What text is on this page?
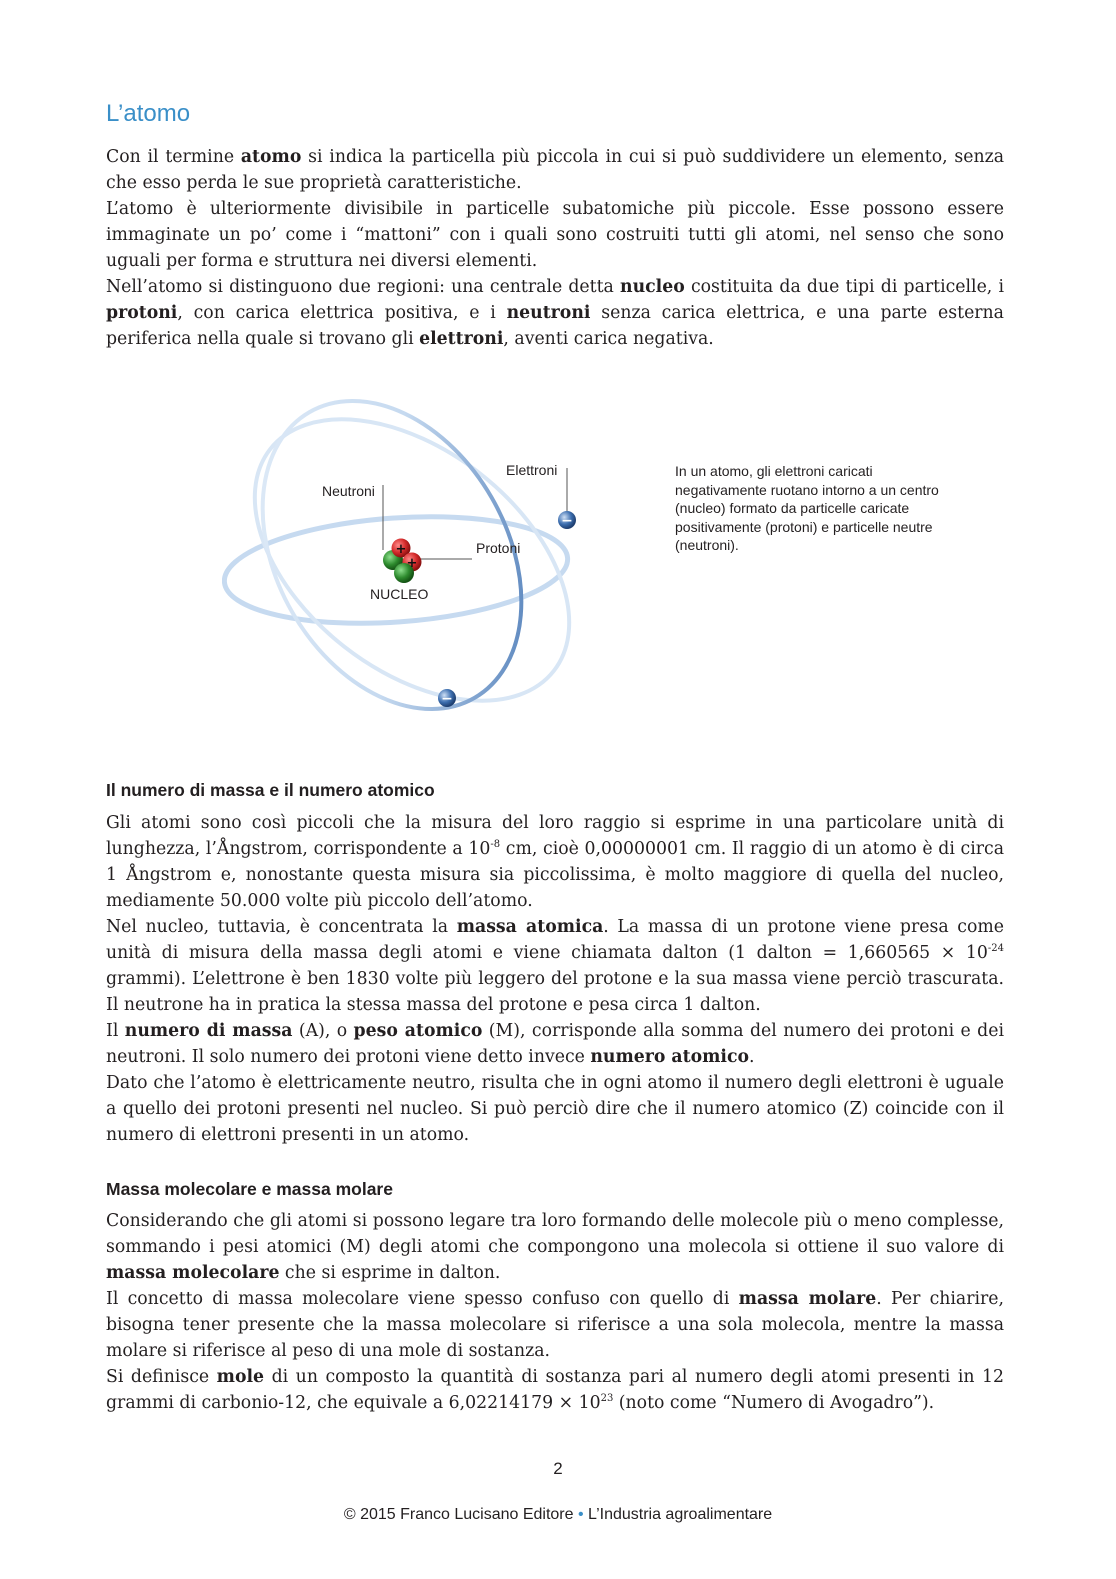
L’atomo

Con il termine atomo si indica la particella più piccola in cui si può suddividere un elemento, senza che esso perda le sue proprietà caratteristiche.

L’atomo è ulteriormente divisibile in particelle subatomiche più piccole. Esse possono essere immaginate un po’ come i “mattoni” con i quali sono costruiti tutti gli atomi, nel senso che sono uguali per forma e struttura nei diversi elementi.

Nell’atomo si distinguono due regioni: una centrale detta nucleo costituita da due tipi di particelle, i protoni, con carica elettrica positiva, e i neutroni senza carica elettrica, e una parte esterna periferica nella quale si trovano gli elettroni, aventi carica negativa.

+
+
−
−
Elettroni
Neutroni
Protoni
NUCLEO
In un atomo, gli elettroni caricati negativamente ruotano intorno a un centro (nucleo) formato da particelle caricate positivamente (protoni) e particelle neutre (neutroni).
Il numero di massa e il numero atomico

Gli atomi sono così piccoli che la misura del loro raggio si esprime in una particolare unità di lunghezza, l’Ångstrom, corrispondente a $10^{-8}$ cm, cioè 0,00000001 cm. Il raggio di un atomo è di circa 1 Ångstrom e, nonostante questa misura sia piccolissima, è molto maggiore di quella del nucleo, mediamente 50.000 volte più piccolo dell’atomo.

Nel nucleo, tuttavia, è concentrata la massa atomica. La massa di un protone viene presa come unità di misura della massa degli atomi e viene chiamata dalton (1 dalton = $1,660565 \times 10^{-24}$ grammi). L’elettrone è ben 1830 volte più leggero del protone e la sua massa viene perciò trascurata. Il neutrone ha in pratica la stessa massa del protone e pesa circa 1 dalton.

Il numero di massa (A), o peso atomico (M), corrisponde alla somma del numero dei protoni e dei neutroni. Il solo numero dei protoni viene detto invece numero atomico.

Dato che l’atomo è elettricamente neutro, risulta che in ogni atomo il numero degli elettroni è uguale a quello dei protoni presenti nel nucleo. Si può perciò dire che il numero atomico (Z) coincide con il numero di elettroni presenti in un atomo.

Massa molecolare e massa molare

Considerando che gli atomi si possono legare tra loro formando delle molecole più o meno complesse, sommando i pesi atomici (M) degli atomi che compongono una molecola si ottiene il suo valore di massa molecolare che si esprime in dalton.

Il concetto di massa molecolare viene spesso confuso con quello di massa molare. Per chiarire, bisogna tener presente che la massa molecolare si riferisce a una sola molecola, mentre la massa molare si riferisce al peso di una mole di sostanza.

Si definisce mole di un composto la quantità di sostanza pari al numero degli atomi presenti in 12 grammi di carbonio-12, che equivale a $6,02214179 \times 10^{23}$ (noto come “Numero di Avogadro”).

2
© 2015 Franco Lucisano Editore • L’Industria agroalimentare
